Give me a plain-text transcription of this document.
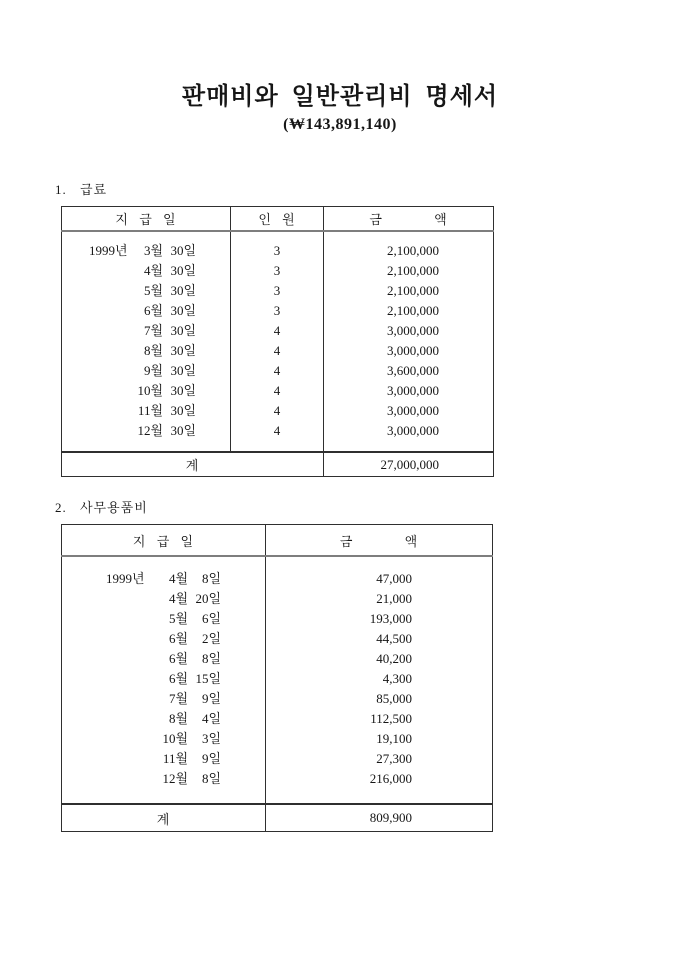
판매비와 일반관리비 명세서
(₩143,891,140)
1. 급료
지 급 일	인 원	금     액
1999년 3월 30일	3	2,100,000
4월 30일	3	2,100,000
5월 30일	3	2,100,000
6월 30일	3	2,100,000
7월 30일	4	3,000,000
8월 30일	4	3,000,000
9월 30일	4	3,600,000
10월 30일	4	3,000,000
11월 30일	4	3,000,000
12월 30일	4	3,000,000
계		27,000,000
2. 사무용품비
지 급 일	금     액
1999년 4월 8일	47,000
4월 20일	21,000
5월 6일	193,000
6월 2일	44,500
6월 8일	40,200
6월 15일	4,300
7월 9일	85,000
8월 4일	112,500
10월 3일	19,100
11월 9일	27,300
12월 8일	216,000
계	809,900
